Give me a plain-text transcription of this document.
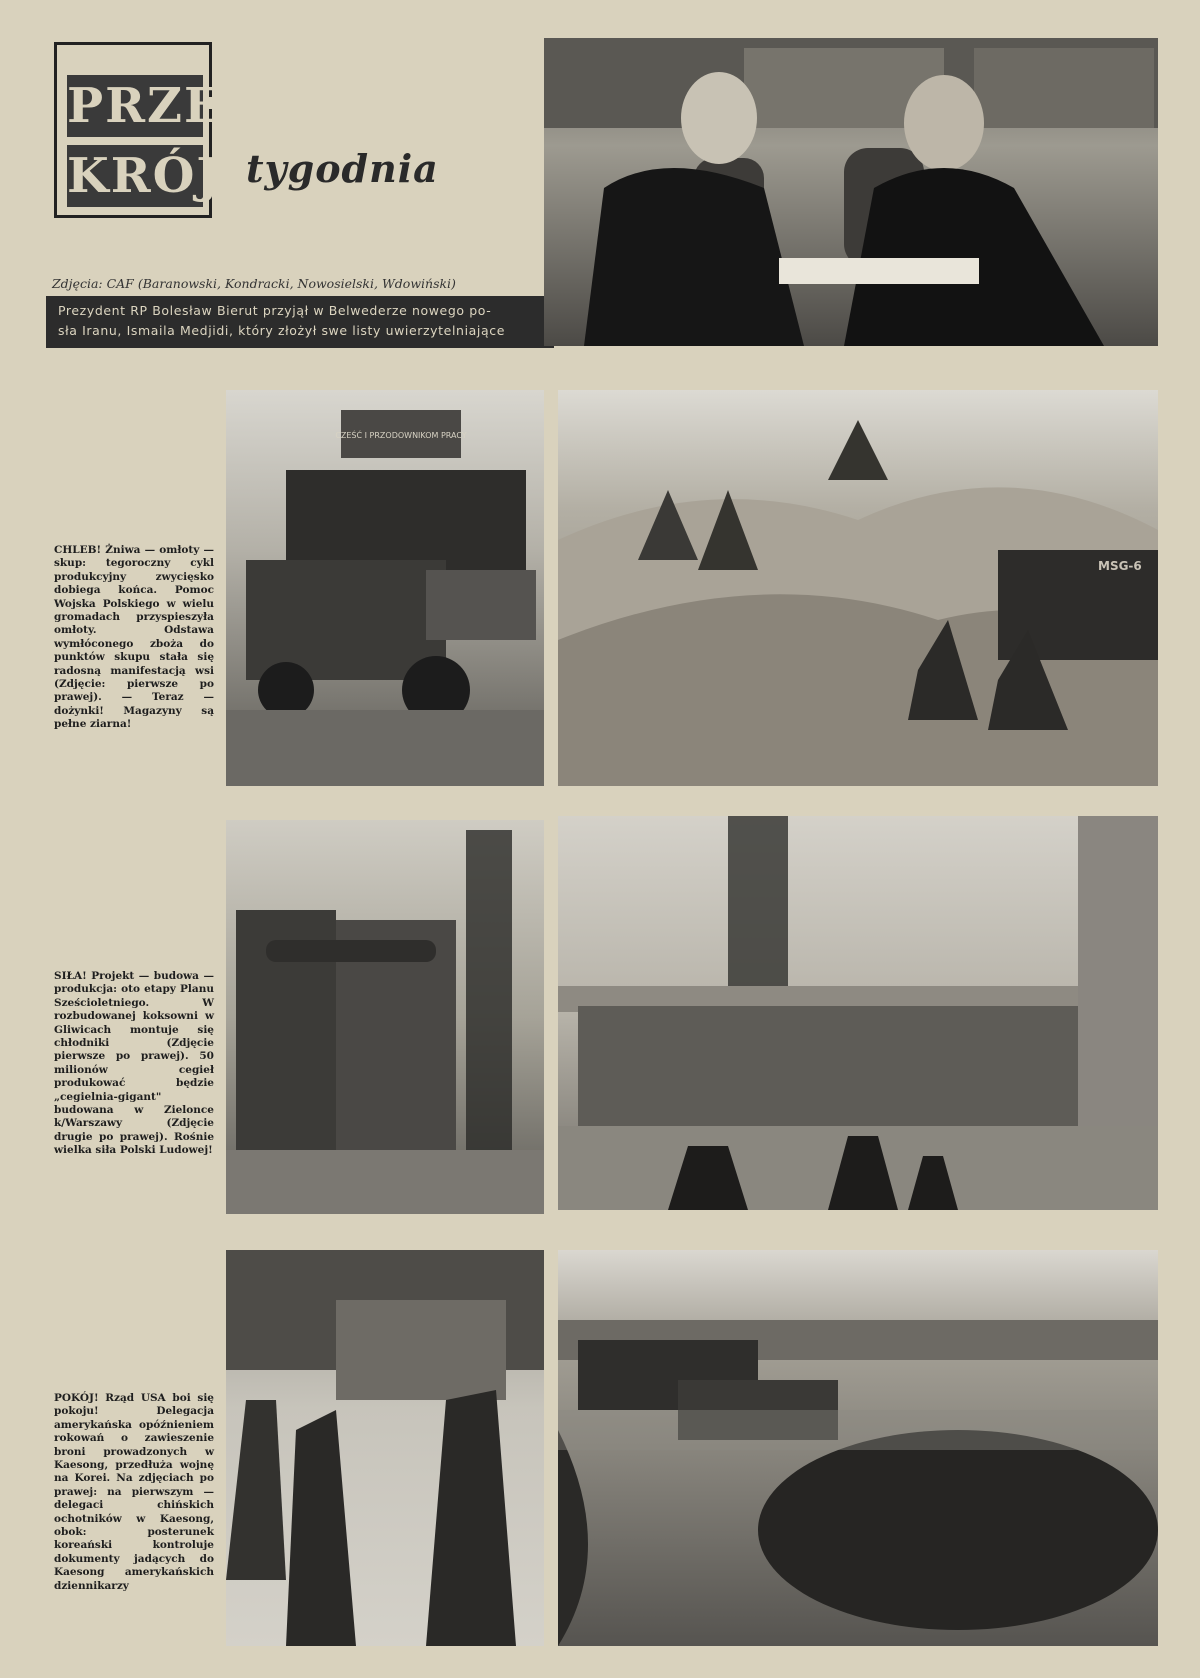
PRZE
KRÓJ tygodnia
Zdjęcia: CAF (Baranowski, Kondracki, Nowosielski, Wdowiński)
Prezydent RP Bolesław Bierut przyjął w Belwederze nowego po-
sła Iranu, Ismaila Medjidi, który złożył swe listy uwierzytelniające
CZEŚĆ I PRZODOWNIKOM PRACY
MSG-6
CHLEB! Żniwa — omłoty — skup: tegoroczny cykl produkcyjny zwycięsko dobiega końca. Pomoc Wojska Polskiego w wielu gromadach przyspieszyła omłoty. Odstawa wymłóconego zboża do punktów skupu stała się radosną manifestacją wsi (Zdjęcie: pierwsze po prawej). — Teraz — dożynki! Magazyny są pełne ziarna!
SIŁA! Projekt — budowa — produkcja: oto etapy Planu Sześcioletniego. W rozbudowanej koksowni w Gliwicach montuje się chłodniki (Zdjęcie pierwsze po prawej). 50 milionów cegieł produkować będzie „cegielnia-gigant" budowana w Zielonce k/Warszawy (Zdjęcie drugie po prawej). Rośnie wielka siła Polski Ludowej!
POKÓJ! Rząd USA boi się pokoju! Delegacja amerykańska opóźnieniem rokowań o zawieszenie broni prowadzonych w Kaesong, przedłuża wojnę na Korei. Na zdjęciach po prawej: na pierwszym — delegaci chińskich ochotników w Kaesong, obok: posterunek koreański kontroluje dokumenty jadących do Kaesong amerykańskich dziennikarzy
